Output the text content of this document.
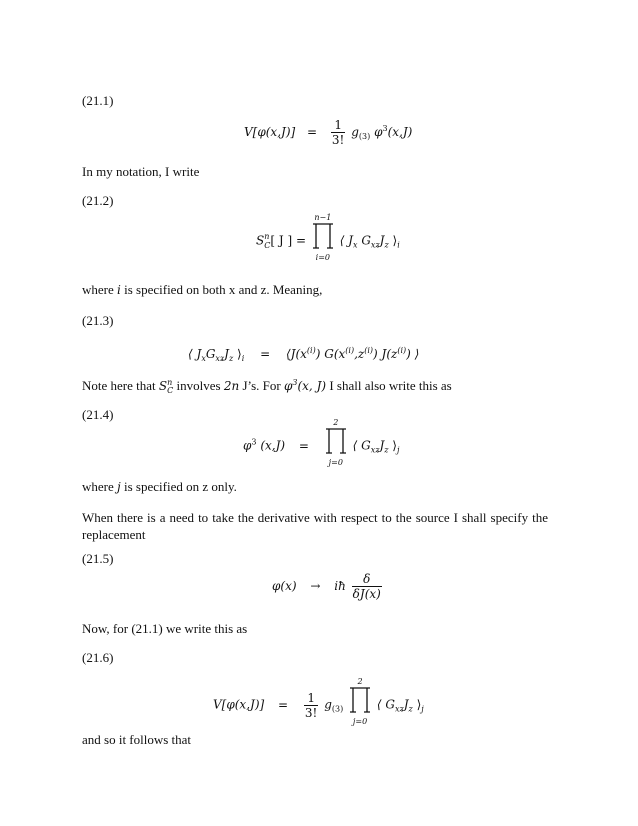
(21.1)
$V[\varphi(x,J)] = \frac{1}{3!} g_{(3)}$ $\varphi^3(x,J)$
In my notation, I write
(21.2)
S n
C [ J ] =
n−1
i=0
⟨ $J_x$ $G_{xz}J_z$ $⟩_i$
where i is specified on both x and z. Meaning,
(21.3)
⟨ $J_xG_{xz}J_z$ $⟩_i$ = $⟨J(x^{(i)})$ $G(x^{(i)},z^{(i)})$ $J(z^{(i)})$ ⟩
Note here that S n
C involves 2n J’s. For $\varphi^3(x$, J) I shall also write this as
(21.4)
$\varphi^3$ (x,J) =
2
j=0
⟨ $G_{xz}J_z$ $⟩_j$
where j is specified on z only.
When there is a need to take the derivative with respect to the source I shall specify the replacement
(21.5)
φ(x) → iħ $\frac{\delta}{\delta J(x)}$
Now, for (21.1) we write this as
(21.6)
$V[\varphi(x,J)] = \frac{1}{3!} g_{(3)}$
2
j=0
⟨ $G_{xz}J_z$ $⟩_j$
and so it follows that
